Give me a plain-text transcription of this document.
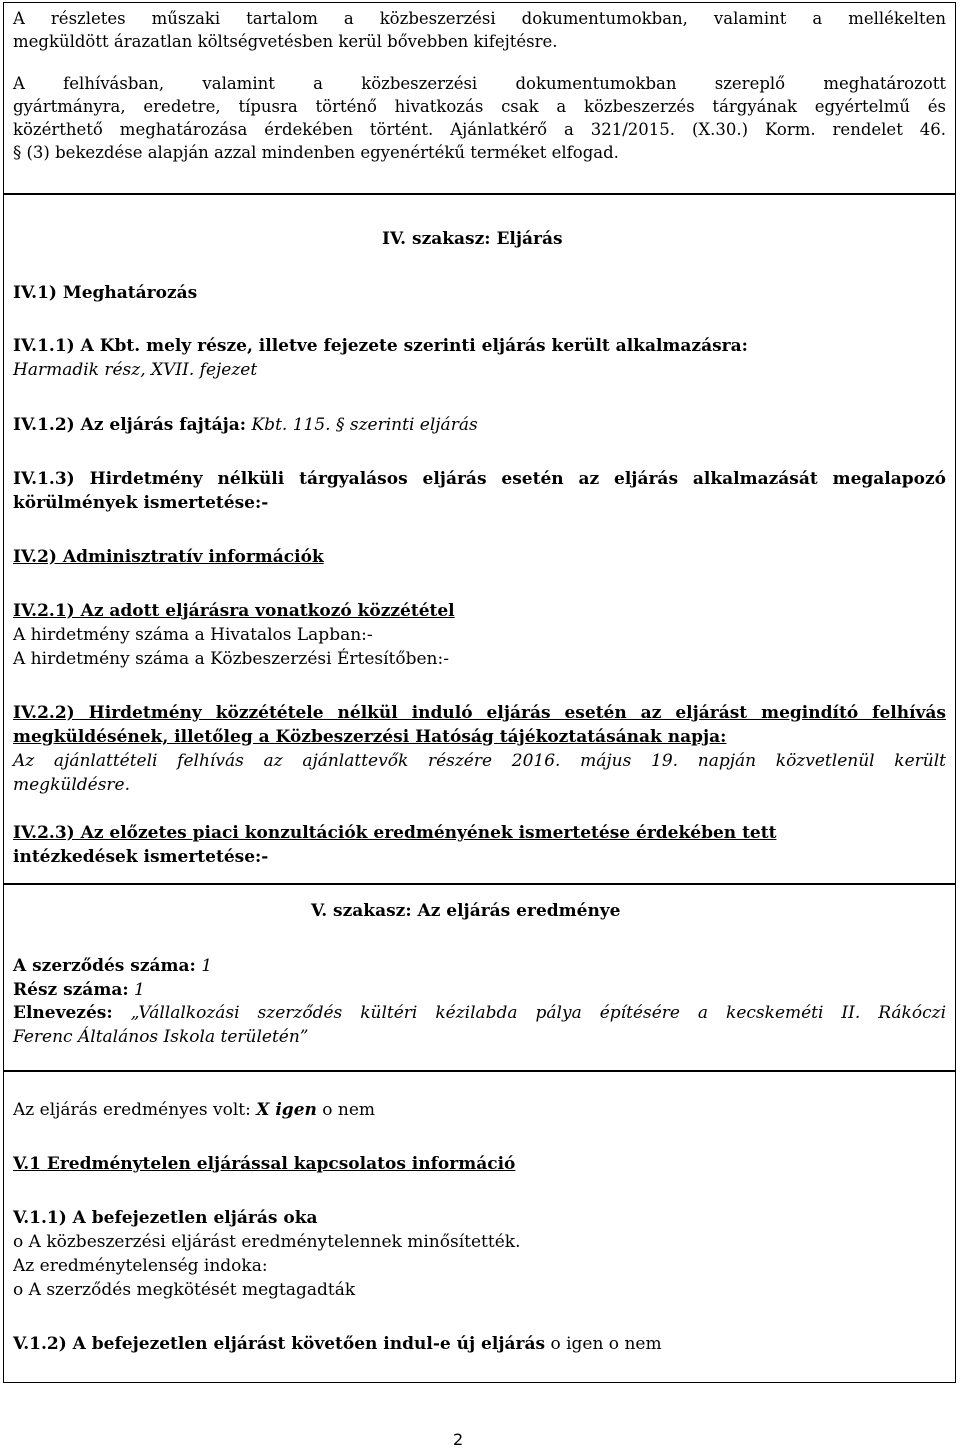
A részletes műszaki tartalom a közbeszerzési dokumentumokban, valamint a mellékelten

megküldött árazatlan költségvetésben kerül bővebben kifejtésre.

A felhívásban, valamint a közbeszerzési dokumentumokban szereplő meghatározott

gyártmányra, eredetre, típusra történő hivatkozás csak a közbeszerzés tárgyának egyértelmű és

közérthető meghatározása érdekében történt. Ajánlatkérő a 321/2015. (X.30.) Korm. rendelet 46.

§ (3) bekezdése alapján azzal mindenben egyenértékű terméket elfogad.

IV. szakasz: Eljárás

IV.1) Meghatározás

IV.1.1) A Kbt. mely része, illetve fejezete szerinti eljárás került alkalmazásra:

Harmadik rész, XVII. fejezet

IV.1.2) Az eljárás fajtája: Kbt. 115. § szerinti eljárás

IV.1.3) Hirdetmény nélküli tárgyalásos eljárás esetén az eljárás alkalmazását megalapozó

körülmények ismertetése:-

IV.2) Adminisztratív információk

IV.2.1) Az adott eljárásra vonatkozó közzététel

A hirdetmény száma a Hivatalos Lapban:-

A hirdetmény száma a Közbeszerzési Értesítőben:-

IV.2.2) Hirdetmény közzététele nélkül induló eljárás esetén az eljárást megindító felhívás

megküldésének, illetőleg a Közbeszerzési Hatóság tájékoztatásának napja:

Az ajánlattételi felhívás az ajánlattevők részére 2016. május 19. napján közvetlenül került

megküldésre.

IV.2.3) Az előzetes piaci konzultációk eredményének ismertetése érdekében tett

intézkedések ismertetése:-

V. szakasz: Az eljárás eredménye

A szerződés száma: 1

Rész száma: 1

Elnevezés: „Vállalkozási szerződés kültéri kézilabda pálya építésére a kecskeméti II. Rákóczi

Ferenc Általános Iskola területén”

Az eljárás eredményes volt: X igen o nem

V.1 Eredménytelen eljárással kapcsolatos információ

V.1.1) A befejezetlen eljárás oka

o A közbeszerzési eljárást eredménytelennek minősítették.

Az eredménytelenség indoka:

o A szerződés megkötését megtagadták

V.1.2) A befejezetlen eljárást követően indul-e új eljárás o igen o nem

2
